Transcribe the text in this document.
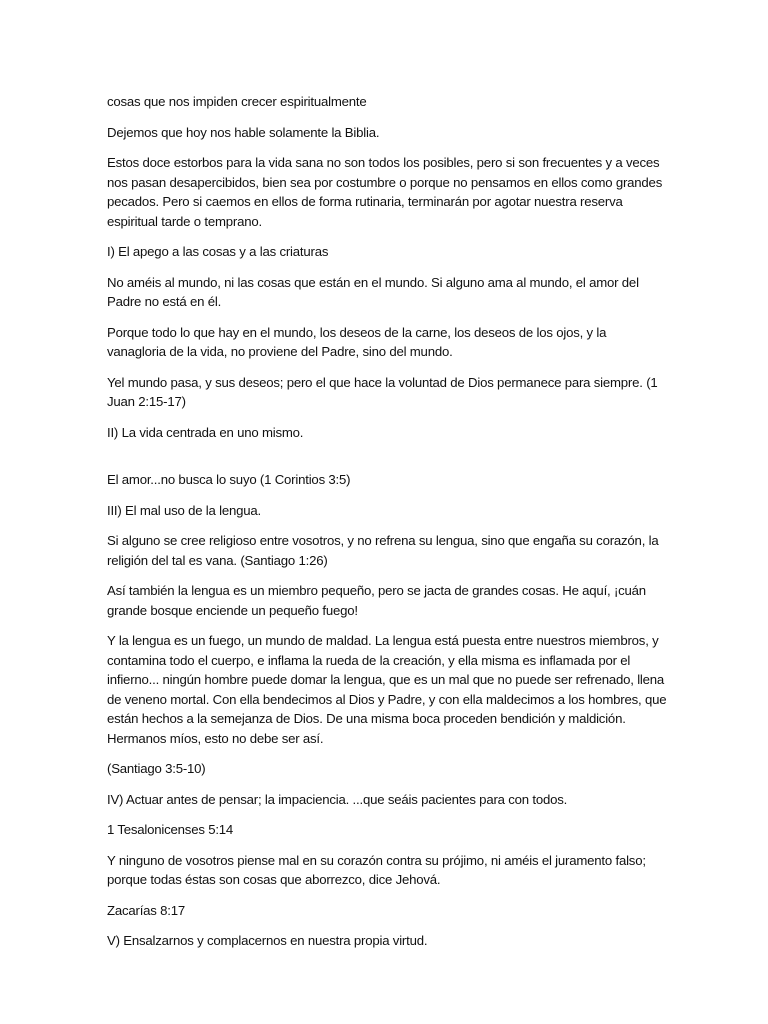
cosas que nos impiden crecer espiritualmente

Dejemos que hoy nos hable solamente la Biblia.

Estos doce estorbos para la vida sana no son todos los posibles, pero si son frecuentes y a veces nos pasan desapercibidos, bien sea por costumbre o porque no pensamos en ellos como grandes pecados. Pero si caemos en ellos de forma rutinaria, terminarán por agotar nuestra reserva espiritual tarde o temprano.

I) El apego a las cosas y a las criaturas

No améis al mundo, ni las cosas que están en el mundo. Si alguno ama al mundo, el amor del Padre no está en él.

Porque todo lo que hay en el mundo, los deseos de la carne, los deseos de los ojos, y la vanagloria de la vida, no proviene del Padre, sino del mundo.

Yel mundo pasa, y sus deseos; pero el que hace la voluntad de Dios permanece para siempre. (1 Juan 2:15-17)

II) La vida centrada en uno mismo.

El amor...no busca lo suyo (1 Corintios 3:5)

III) El mal uso de la lengua.

Si alguno se cree religioso entre vosotros, y no refrena su lengua, sino que engaña su corazón, la religión del tal es vana. (Santiago 1:26)

Así también la lengua es un miembro pequeño, pero se jacta de grandes cosas. He aquí, ¡cuán grande bosque enciende un pequeño fuego!

Y la lengua es un fuego, un mundo de maldad. La lengua está puesta entre nuestros miembros, y contamina todo el cuerpo, e inflama la rueda de la creación, y ella misma es inflamada por el infierno... ningún hombre puede domar la lengua, que es un mal que no puede ser refrenado, llena de veneno mortal. Con ella bendecimos al Dios y Padre, y con ella maldecimos a los hombres, que están hechos a la semejanza de Dios. De una misma boca proceden bendición y maldición. Hermanos míos, esto no debe ser así.

(Santiago 3:5-10)

IV) Actuar antes de pensar; la impaciencia. ...que seáis pacientes para con todos.

1 Tesalonicenses 5:14

Y ninguno de vosotros piense mal en su corazón contra su prójimo, ni améis el juramento falso; porque todas éstas son cosas que aborrezco, dice Jehová.

Zacarías 8:17

V) Ensalzarnos y complacernos en nuestra propia virtud.
